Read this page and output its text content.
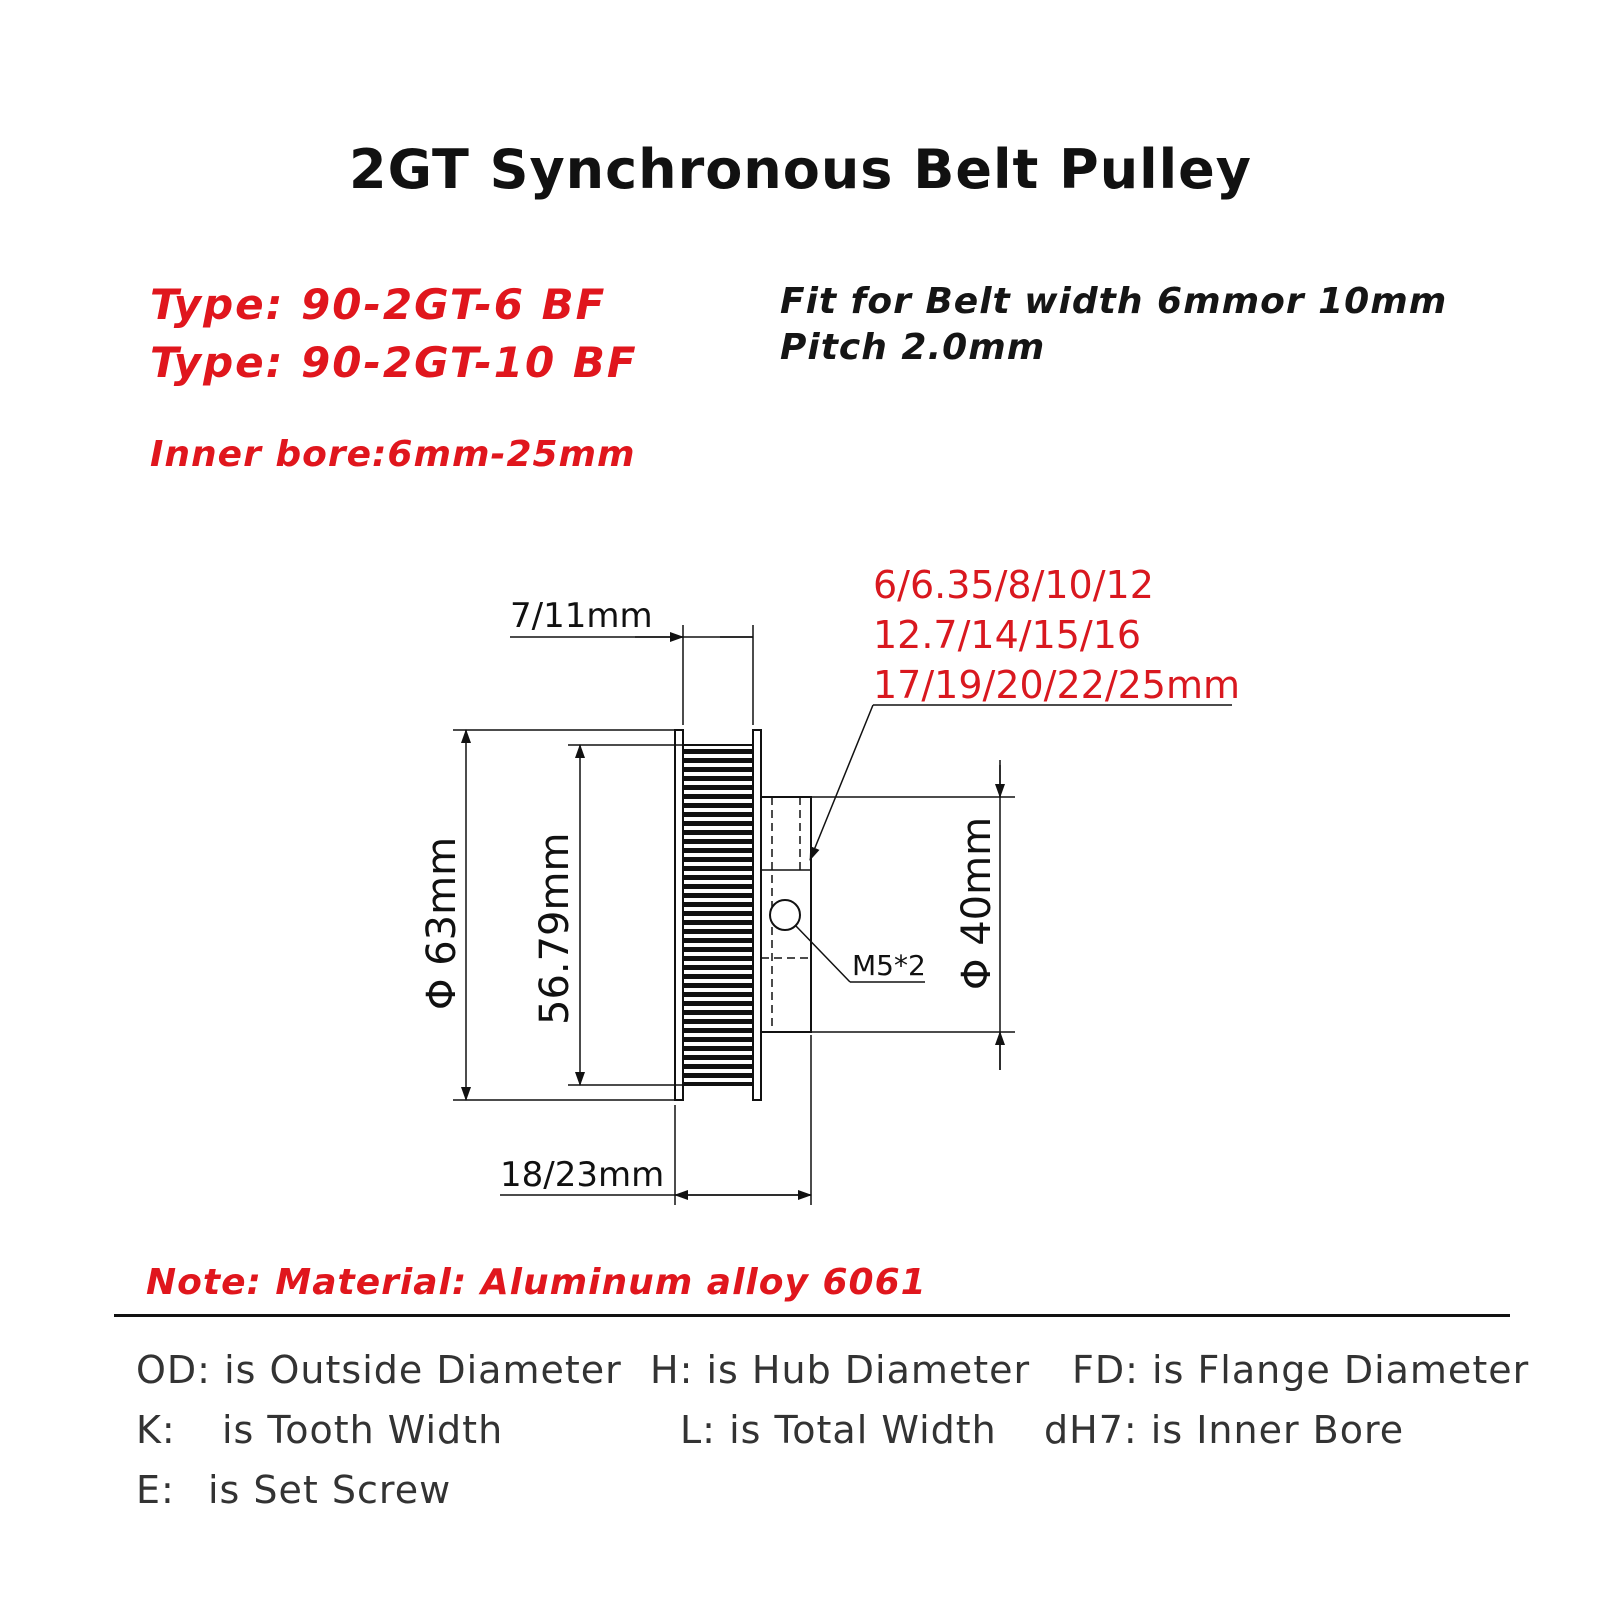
2GT Synchronous Belt Pulley
Type: 90-2GT-6 BF
Type: 90-2GT-10 BF
Inner bore:6mm-25mm
Fit for Belt width 6mmor 10mm
Pitch 2.0mm
7/11mm
18/23mm
Φ 63mm 56.79mm	Φ 40mm
M5*2
6/6.35/8/10/12
12.7/14/15/16
17/19/20/22/25mm
Note: Material: Aluminum alloy 6061
OD: is Outside Diameter H: is Hub Diameter FD: is Flange Diameter
K: is Tooth Width	L: is Total Width dH7: is Inner Bore
E: is Set Screw
